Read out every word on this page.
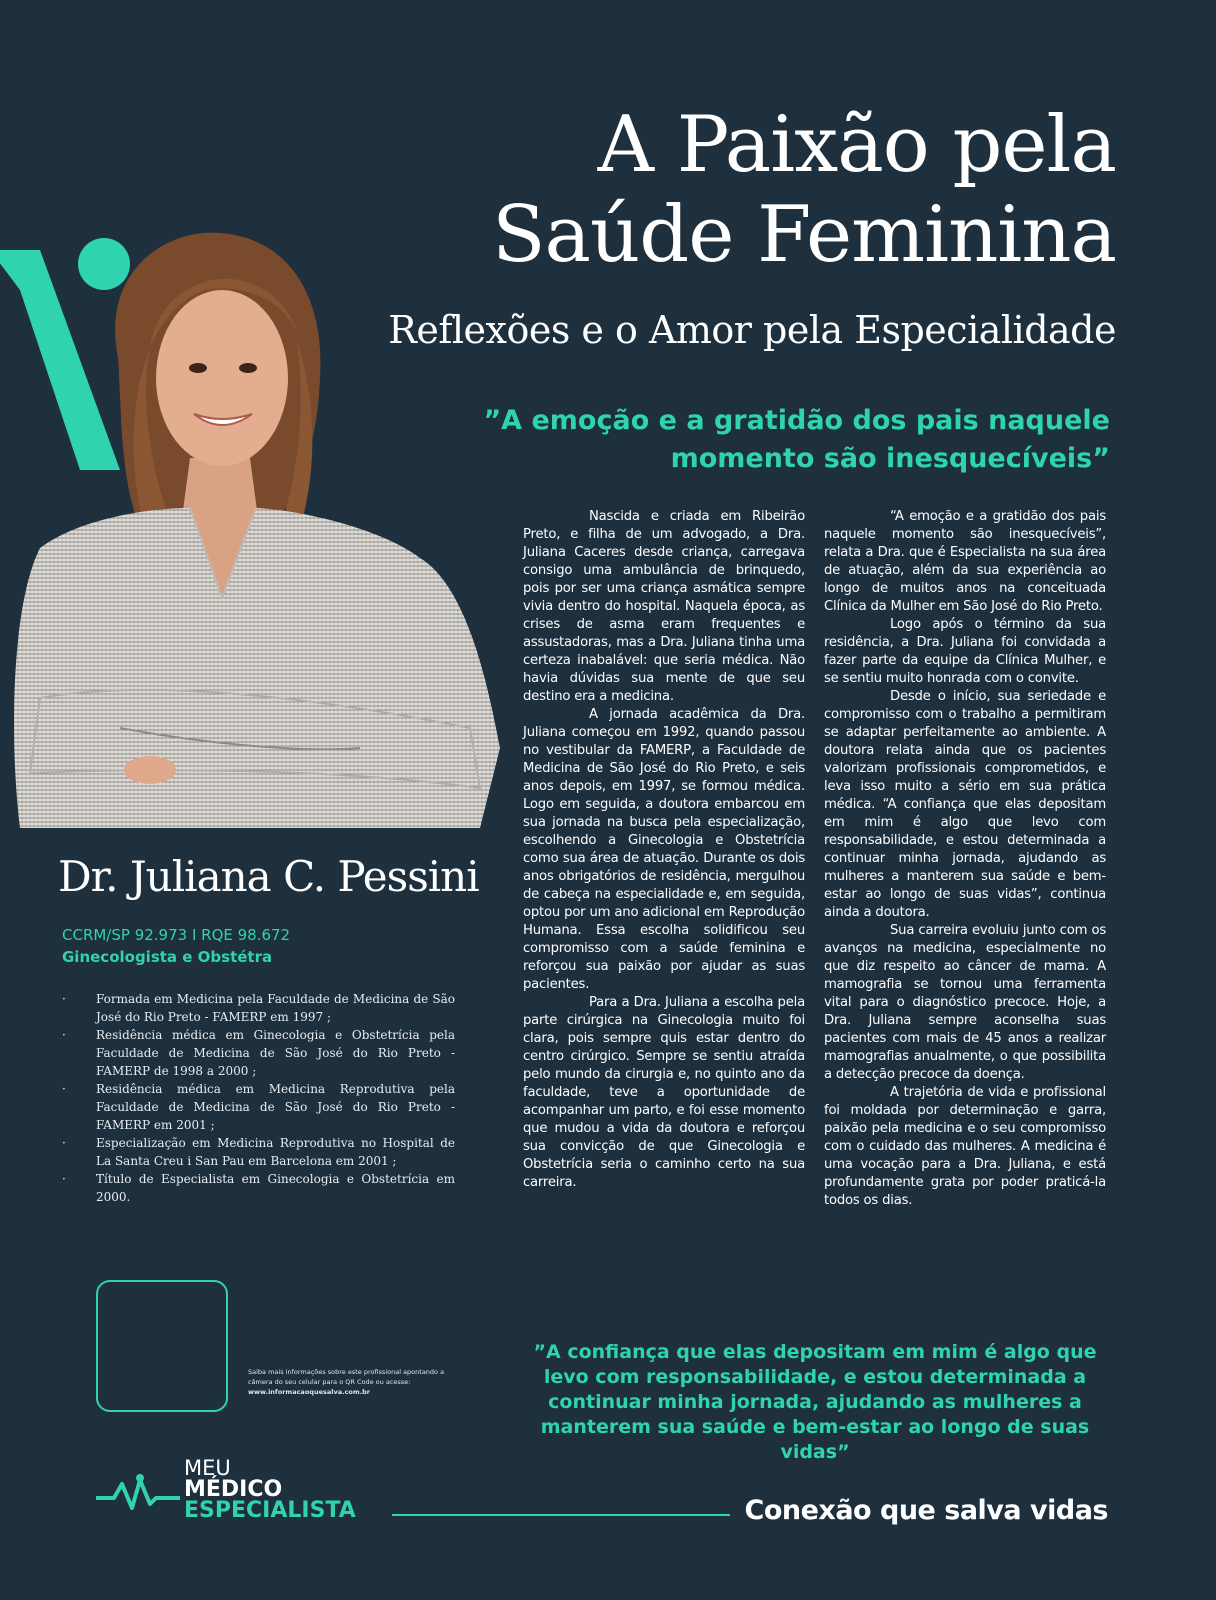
A Paixão pela
Saúde Feminina
Reflexões e o Amor pela Especialidade
”A emoção e a gratidão dos pais naquele
momento são inesquecíveis”
Dr. Juliana C. Pessini
CCRM/SP 92.973 I RQE 98.672
Ginecologista e Obstétra
· Formada em Medicina pela Faculdade de Medicina de São José do Rio Preto - FAMERP em 1997 ;
· Residência médica em Ginecologia e Obstetrícia pela Faculdade de Medicina de São José do Rio Preto - FAMERP de 1998 a 2000 ;
· Residência médica em Medicina Reprodutiva pela Faculdade de Medicina de São José do Rio Preto - FAMERP em 2001 ;
· Especialização em Medicina Reprodutiva no Hospital de La Santa Creu i San Pau em Barcelona em 2001 ;
· Título de Especialista em Ginecologia e Obstetrícia em 2000.
Saiba mais informações sobre este profissional apontando a câmera do seu celular para o QR Code ou acesse:
www.informacaoquesalva.com.br

Nascida e criada em Ribeirão Preto, e filha de um advogado, a Dra. Juliana Caceres desde criança, carregava consigo uma ambulância de brinquedo, pois por ser uma criança asmática sempre vivia dentro do hospital. Naquela época, as crises de asma eram frequentes e assustadoras, mas a Dra. Juliana tinha uma certeza inabalável: que seria médica. Não havia dúvidas sua mente de que seu destino era a medicina.

A jornada acadêmica da Dra. Juliana começou em 1992, quando passou no vestibular da FAMERP, a Faculdade de Medicina de São José do Rio Preto, e seis anos depois, em 1997, se formou médica. Logo em seguida, a doutora embarcou em sua jornada na busca pela especialização, escolhendo a Ginecologia e Obstetrícia como sua área de atuação. Durante os dois anos obrigatórios de residência, mergulhou de cabeça na especialidade e, em seguida, optou por um ano adicional em Reprodução Humana. Essa escolha solidificou seu compromisso com a saúde feminina e reforçou sua paixão por ajudar as suas pacientes.

Para a Dra. Juliana a escolha pela parte cirúrgica na Ginecologia muito foi clara, pois sempre quis estar dentro do centro cirúrgico. Sempre se sentiu atraída pelo mundo da cirurgia e, no quinto ano da faculdade, teve a oportunidade de acompanhar um parto, e foi esse momento que mudou a vida da doutora e reforçou sua convicção de que Ginecologia e Obstetrícia seria o caminho certo na sua carreira.

“A emoção e a gratidão dos pais naquele momento são inesquecíveis”, relata a Dra. que é Especialista na sua área de atuação, além da sua experiência ao longo de muitos anos na conceituada Clínica da Mulher em São José do Rio Preto.

Logo após o término da sua residência, a Dra. Juliana foi convidada a fazer parte da equipe da Clínica Mulher, e se sentiu muito honrada com o convite.

Desde o início, sua seriedade e compromisso com o trabalho a permitiram se adaptar perfeitamente ao ambiente. A doutora relata ainda que os pacientes valorizam profissionais comprometidos, e leva isso muito a sério em sua prática médica. “A confiança que elas depositam em mim é algo que levo com responsabilidade, e estou determinada a continuar minha jornada, ajudando as mulheres a manterem sua saúde e bem-estar ao longo de suas vidas”, continua ainda a doutora.

Sua carreira evoluiu junto com os avanços na medicina, especialmente no que diz respeito ao câncer de mama. A mamografia se tornou uma ferramenta vital para o diagnóstico precoce. Hoje, a Dra. Juliana sempre aconselha suas pacientes com mais de 45 anos a realizar mamografias anualmente, o que possibilita a detecção precoce da doença.

A trajetória de vida e profissional foi moldada por determinação e garra, paixão pela medicina e o seu compromisso com o cuidado das mulheres. A medicina é uma vocação para a Dra. Juliana, e está profundamente grata por poder praticá-la todos os dias.

”A confiança que elas depositam em mim é algo que levo com responsabilidade, e estou determinada a continuar minha jornada, ajudando as mulheres a manterem sua saúde e bem-estar ao longo de suas vidas”
MEU
MÉDICO
ESPECIALISTA	Conexão que salva vidas
